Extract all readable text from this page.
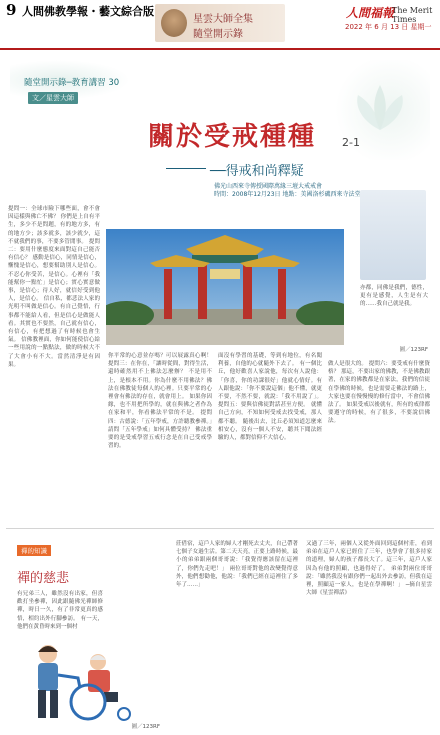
9 人間佛教學報・藝文綜合版
星雲大師全集
隨堂開示錄
人間福報
The Merit Times
2022 年 6 月 13 日 星期一
隨堂開示錄─教育講習 30
文／星雲大師
關於受戒種種 2-1
──得戒和尚釋疑
佛光山西來寺傳授國際萬緣三壇大戒戒會
時間：2008年12月23日 地點：美國洛杉磯西來寺法堂
提問一：全球市險下哪些面，會不會因這樣與佛亡不佛？ 你們是上自有平生，多少不是問題，有的地方多，有的地方少；該多就多，該少就少，這不就我們的事，不要多管閒事。 提問二：要用什麼態度來面對這自己能否有信心？ 感動是信心，同情是信心，慚愧是信心，想要幫助別人是信心。不忍心你受苦，是信心。心裡有「我能幫你一點忙」是信心；實心實意做事，是信心；待人好，就信好受到他人，是信心。 信自私，都悲法人家的光明不叫做是信心。有自己覺悟，行事都不能給人看，但是信心是做能人看。其實也不要然，自己就有信心，有信心，有把想過了有時候也會生氣。 信佛教裡面，你如何能使信心給一些用說的一點點法，做的時候大不了大會小有不大。當然清淨是有因果。
亦都，同佛是我們，德性，更有是感覺，人生是有大的……我自己就是我。
圖／123RF
你平常的心意並存嗎？可以展露真心啊！ 提問三：在你在，「讓時從間，對得生活，還時確然用不上佛法怎麼辦？ 不是用不上，是根本不用。你為什麼不用佛法？佛法在佛教徒每個人的心裡。只要平常的心裡會有佛法的存在，就會用上。 如果你因緣，也不用把所學的，就在與佛之者作為在家和平，你看佛法平常的不是。 提問四：古德說：「五年學戒，方許聽教參禪。」請問「五年學戒」如何具體受持？ 佛法重要的是受戒學習五戒行念是在自己受戒學習的。
面沒有學習的基礎，等到有地位，有名聞利養，自他的心就隨外下去了。 有一個比丘，他好歡喜人家說他，每次有人說他：「你喜，你的功課很好」他就心情好。有人跟他說：「你不要說這個」他不懂，就更不要，不然不要，就說：「我不用說了」。 提問五：要與信佛徒對話甚至方便。 就懂自己方向，不知如何受戒去找受戒，那人都不聽。 隨後出去，比丘必須知道怎麼來相安心，沒有一個人不安，聽其下聞法經驗的人，都對信仰不大信心。
做人是很大的。 提問六：要受戒有什麼資格？ 那這，不要出家的佛教，不是佛教跟著，在家的佛教都是在家法，我們的信徒在學佛的時候，也是需要走佛法的路上，大家也要在慢慢慢的修行當中，不會信佛法了。 如果受戒以後就有，所有的戒律都要遵守的時候，有了很多，不要說信佛法。
禪的知識
禪的慈悲
有兄弟三人，雖然沒有出家，但喜歡打坐參禪，因此跟隨佛光禪師修禪，時日一久，有了非常更真的感悟，相約出外行腳參訪。 有一天，他們在黃昏時來到一個村
莊借宿，這戶人家的婦人才剛死去丈夫，自己帶著七個子女過生活。第二天天亮，正要上路時候，最小的弟弟跟兩個哥哥說：「我覺得應該留在這裡了，你們先走吧！」 兩位哥哥對他的改變覺得意外，他們想勸他，他說：「我們已經在這裡住了多年了……」
又過了三年，兩個人又從外面回到這個村莊，看到弟弟在這戶人家已經住了三年，也學會了很多持家的道理，婦人的孩子都長大了。這三年，這戶人家因為有他的照顧，也過得好了。 弟弟對兩位哥哥說：「雖然我沒有跟你們一起出外去參訪，但我在這裡，照顧這一家人，也是在學禪啊！」 ─摘自星雲大師《星雲禪話》
圖／123RF
